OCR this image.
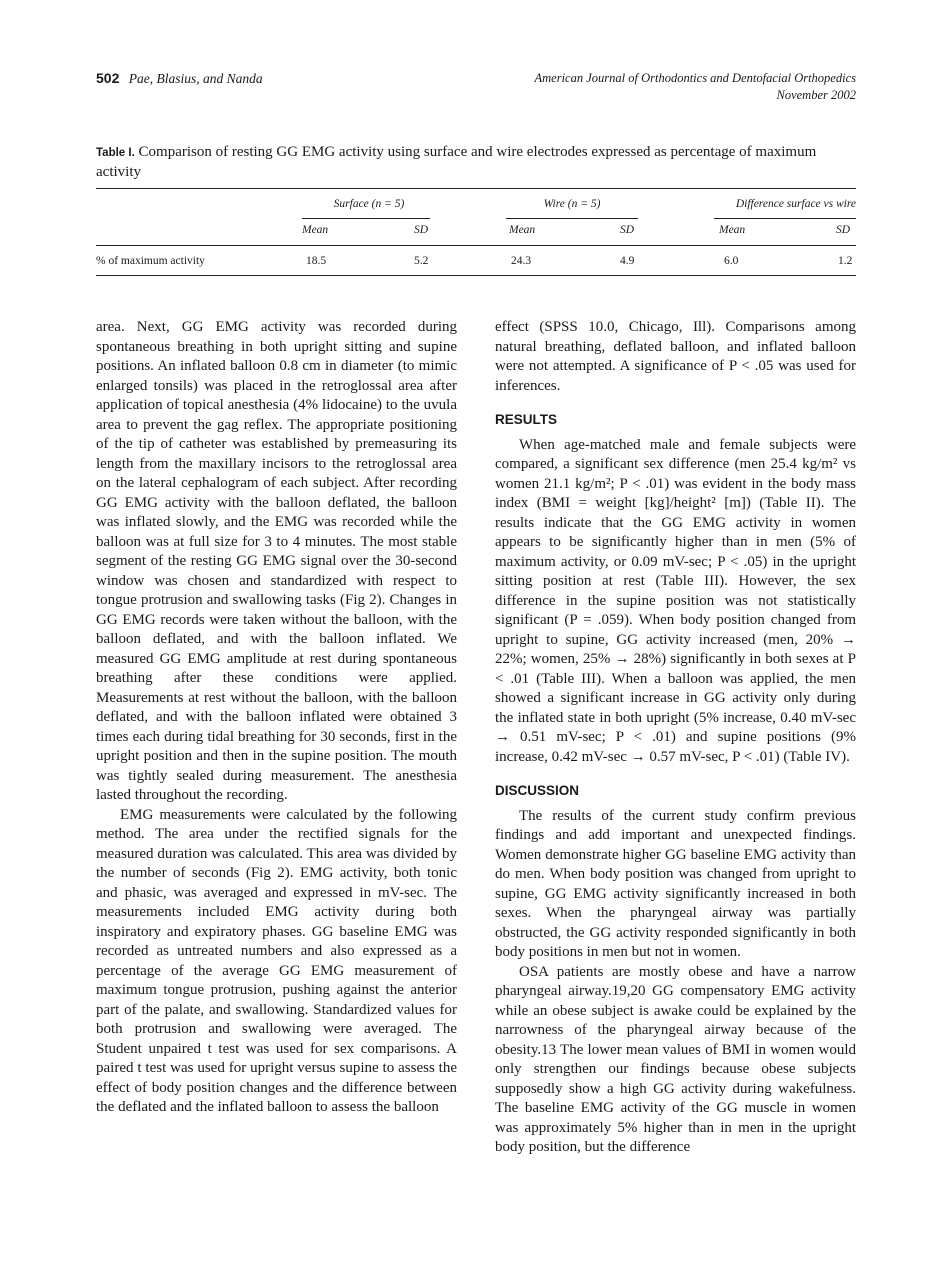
502 Pae, Blasius, and Nanda	American Journal of Orthodontics and Dentofacial Orthopedics
November 2002
Table I. Comparison of resting GG EMG activity using surface and wire electrodes expressed as percentage of maximum activity
Surface (n = 5)	Wire (n = 5)	Difference surface vs wire
Mean	SD	Mean	SD	Mean	SD
% of maximum activity	18.5	5.2	24.3	4.9	6.0	1.2

area. Next, GG EMG activity was recorded during spontaneous breathing in both upright sitting and supine positions. An inflated balloon 0.8 cm in diameter (to mimic enlarged tonsils) was placed in the retroglossal area after application of topical anesthesia (4% lidocaine) to the uvula area to prevent the gag reflex. The appropriate positioning of the tip of catheter was established by premeasuring its length from the maxillary incisors to the retroglossal area on the lateral cephalogram of each subject. After recording GG EMG activity with the balloon deflated, the balloon was inflated slowly, and the EMG was recorded while the balloon was at full size for 3 to 4 minutes. The most stable segment of the resting GG EMG signal over the 30-second window was chosen and standardized with respect to tongue protrusion and swallowing tasks (Fig 2). Changes in GG EMG records were taken without the balloon, with the balloon deflated, and with the balloon inflated. We measured GG EMG amplitude at rest during spontaneous breathing after these conditions were applied. Measurements at rest without the balloon, with the balloon deflated, and with the balloon inflated were obtained 3 times each during tidal breathing for 30 seconds, first in the upright position and then in the supine position. The mouth was tightly sealed during measurement. The anesthesia lasted throughout the recording.

EMG measurements were calculated by the following method. The area under the rectified signals for the measured duration was calculated. This area was divided by the number of seconds (Fig 2). EMG activity, both tonic and phasic, was averaged and expressed in mV-sec. The measurements included EMG activity during both inspiratory and expiratory phases. GG baseline EMG was recorded as untreated numbers and also expressed as a percentage of the average GG EMG measurement of maximum tongue protrusion, pushing against the anterior part of the palate, and swallowing. Standardized values for both protrusion and swallowing were averaged. The Student unpaired t test was used for sex comparisons. A paired t test was used for upright versus supine to assess the effect of body position changes and the difference between the deflated and the inflated balloon to assess the balloon

effect (SPSS 10.0, Chicago, Ill). Comparisons among natural breathing, deflated balloon, and inflated balloon were not attempted. A significance of P < .05 was used for inferences.

RESULTS

When age-matched male and female subjects were compared, a significant sex difference (men 25.4 kg/m² vs women 21.1 kg/m²; P < .01) was evident in the body mass index (BMI = weight [kg]/height² [m]) (Table II). The results indicate that the GG EMG activity in women appears to be significantly higher than in men (5% of maximum activity, or 0.09 mV-sec; P < .05) in the upright sitting position at rest (Table III). However, the sex difference in the supine position was not statistically significant (P = .059). When body position changed from upright to supine, GG activity increased (men, 20% → 22%; women, 25% → 28%) significantly in both sexes at P < .01 (Table III). When a balloon was applied, the men showed a significant increase in GG activity only during the inflated state in both upright (5% increase, 0.40 mV-sec → 0.51 mV-sec; P < .01) and supine positions (9% increase, 0.42 mV-sec → 0.57 mV-sec, P < .01) (Table IV).

DISCUSSION

The results of the current study confirm previous findings and add important and unexpected findings. Women demonstrate higher GG baseline EMG activity than do men. When body position was changed from upright to supine, GG EMG activity significantly increased in both sexes. When the pharyngeal airway was partially obstructed, the GG activity responded significantly in both body positions in men but not in women.

OSA patients are mostly obese and have a narrow pharyngeal airway.19,20 GG compensatory EMG activity while an obese subject is awake could be explained by the narrowness of the pharyngeal airway because of the obesity.13 The lower mean values of BMI in women would only strengthen our findings because obese subjects supposedly show a high GG activity during wakefulness. The baseline EMG activity of the GG muscle in women was approximately 5% higher than in men in the upright body position, but the difference
